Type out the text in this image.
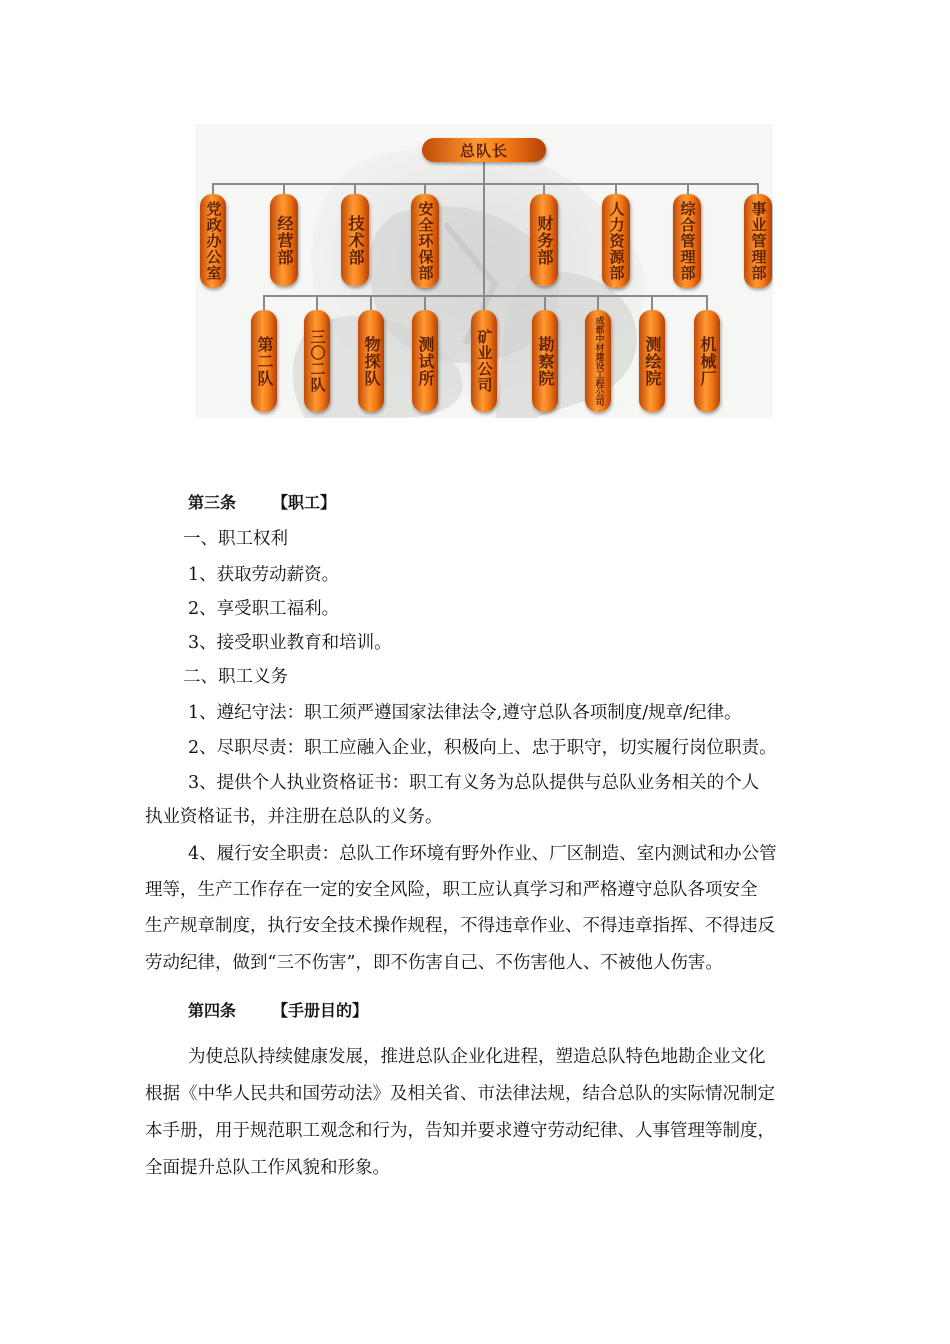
总队长
党政办公室	经营部	技术部	安全环保部	财务部	人力资源部	综合管理部	事业管理部
第二队 三〇二队 物探队 测试所	矿业公司	勘察院	成都中材建设工程公司 测绘院 机械厂
第三条 【职工】
一、职工权利
1、获取劳动薪资。
2、享受职工福利。
3、接受职业教育和培训。
二、职工义务
1、遵纪守法：职工须严遵国家法律法令,遵守总队各项制度/规章/纪律。
2、尽职尽责：职工应融入企业，积极向上、忠于职守，切实履行岗位职责。
3、提供个人执业资格证书：职工有义务为总队提供与总队业务相关的个人
执业资格证书，并注册在总队的义务。
4、履行安全职责：总队工作环境有野外作业、厂区制造、室内测试和办公管
理等，生产工作存在一定的安全风险，职工应认真学习和严格遵守总队各项安全
生产规章制度，执行安全技术操作规程，不得违章作业、不得违章指挥、不得违反
劳动纪律，做到“三不伤害”，即不伤害自己、不伤害他人、不被他人伤害。
第四条 【手册目的】
为使总队持续健康发展，推进总队企业化进程，塑造总队特色地勘企业文化
根据《中华人民共和国劳动法》及相关省、市法律法规，结合总队的实际情况制定
本手册，用于规范职工观念和行为，告知并要求遵守劳动纪律、人事管理等制度，
全面提升总队工作风貌和形象。
